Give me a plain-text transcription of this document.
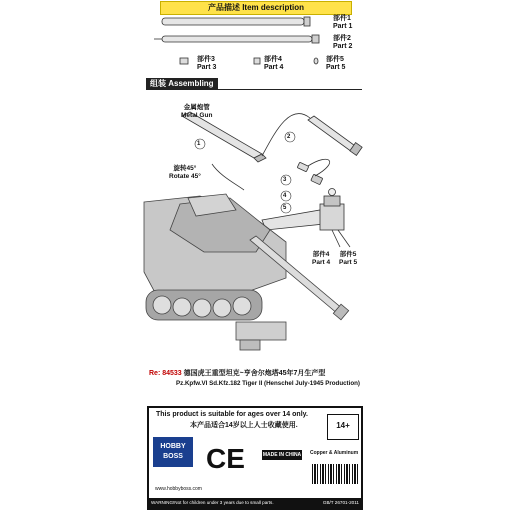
产品描述 Item description
部件1
Part 1
部件2
Part 2
部件3
Part 3
部件4
Part 4
部件5
Part 5
组装 Assembling
金属炮管
Metal Gun
旋转45°
Rotate 45°
1
2
3
4
5
部件4
Part 4
部件5
Part 5
Re: 84533 德国虎王重型坦克~亨舍尔炮塔45年7月生产型
Pz.Kpfw.VI Sd.Kfz.182 Tiger II (Henschel July-1945 Production)
This product is suitable for ages over 14 only.
本产品适合14岁以上人士收藏使用.	14+
HOBBY BOSS CE	MADE IN CHINA Copper & Aluminum
www.hobbyboss.com
WARNING!Not for children under 3 years due to small parts.	GB/T 26701-2011
